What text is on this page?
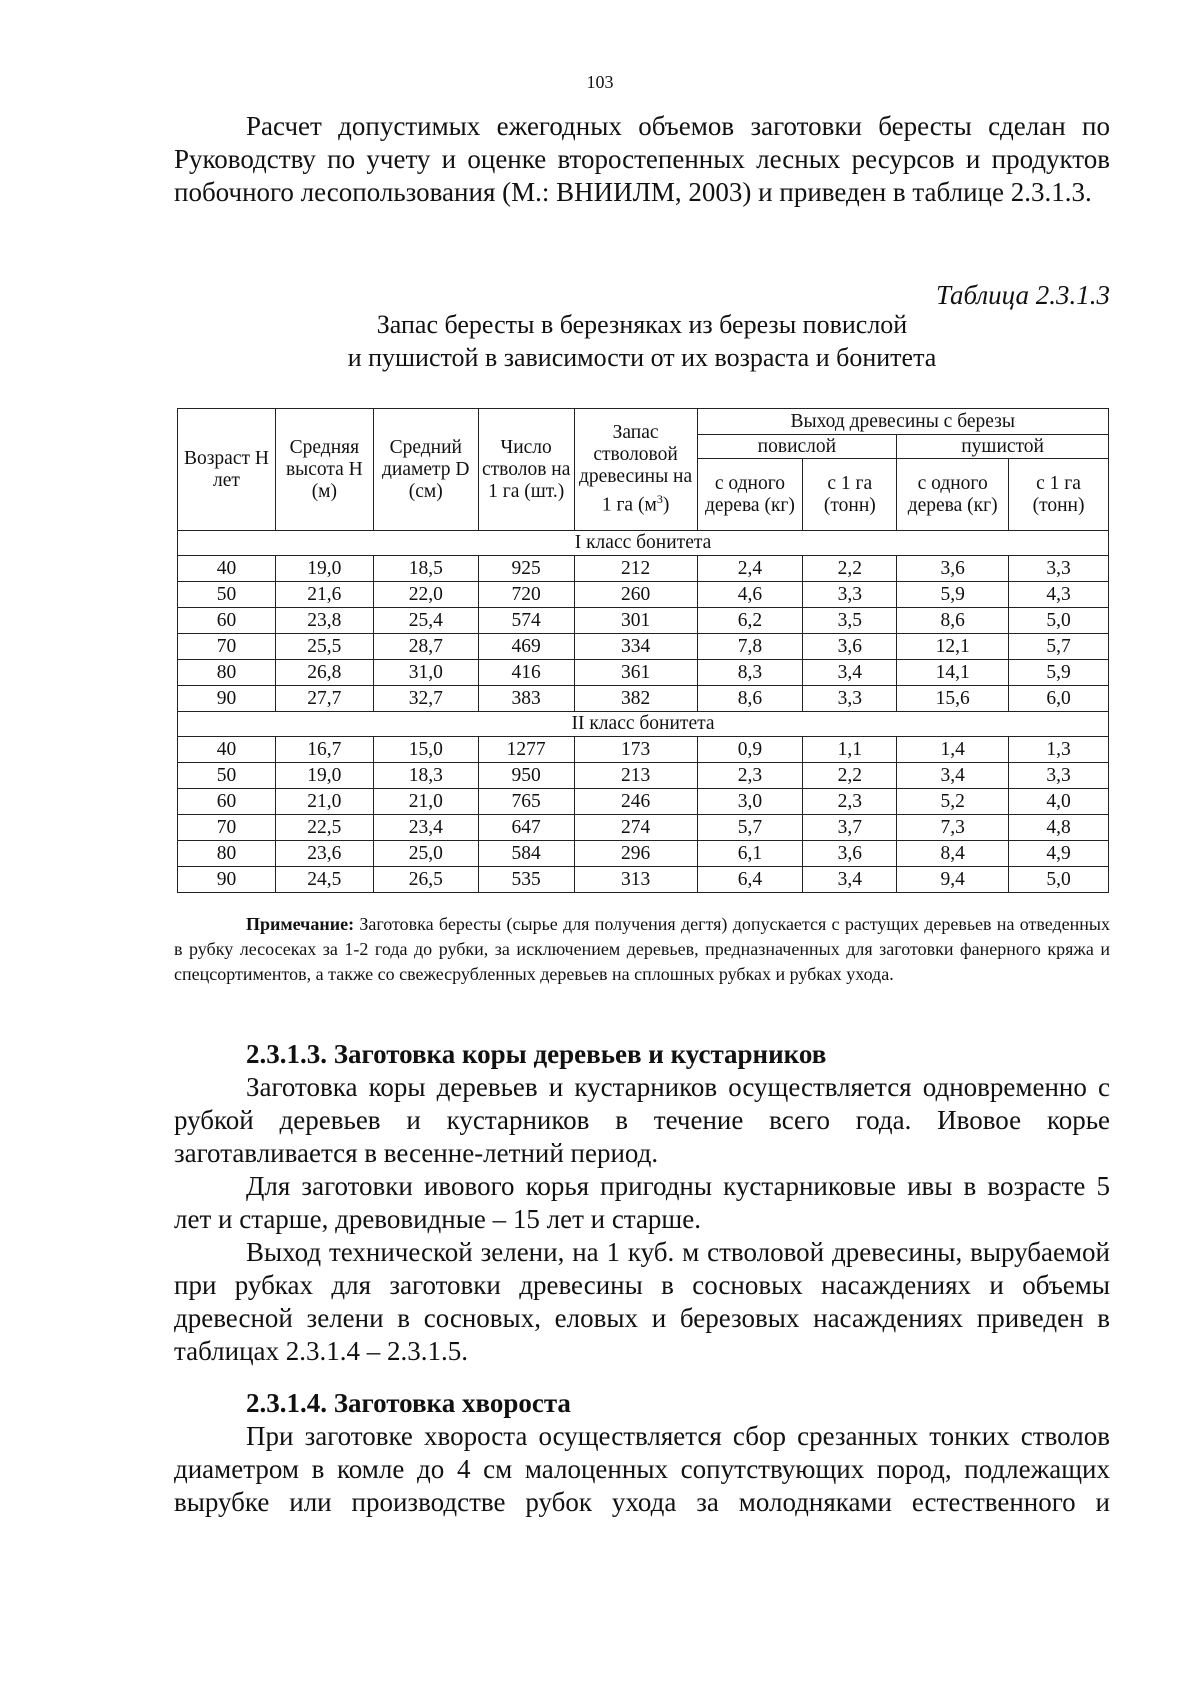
103
Расчет допустимых ежегодных объемов заготовки бересты сделан по Руководству по учету и оценке второстепенных лесных ресурсов и продуктов побочного лесопользования (М.: ВНИИЛМ, 2003) и приведен в таблице 2.3.1.3.
Таблица 2.3.1.3
Запас бересты в березняках из березы повислой
и пушистой в зависимости от их возраста и бонитета
Возраст Н лет	Средняя высота Н (м)	Средний диаметр D (см)	Число стволов на 1 га (шт.)	Запас стволовой древесины на 1 га $(м^3)$	Выход древесины с березы			
					повислой		пушистой	
					с одного дерева (кг)	с 1 га (тонн)	с одного дерева (кг)	с 1 га (тонн)
I класс бонитета								
40	19,0	18,5	925	212	2,4	2,2	3,6	3,3
50	21,6	22,0	720	260	4,6	3,3	5,9	4,3
60	23,8	25,4	574	301	6,2	3,5	8,6	5,0
70	25,5	28,7	469	334	7,8	3,6	12,1	5,7
80	26,8	31,0	416	361	8,3	3,4	14,1	5,9
90	27,7	32,7	383	382	8,6	3,3	15,6	6,0
II класс бонитета								
40	16,7	15,0	1277	173	0,9	1,1	1,4	1,3
50	19,0	18,3	950	213	2,3	2,2	3,4	3,3
60	21,0	21,0	765	246	3,0	2,3	5,2	4,0
70	22,5	23,4	647	274	5,7	3,7	7,3	4,8
80	23,6	25,0	584	296	6,1	3,6	8,4	4,9
90	24,5	26,5	535	313	6,4	3,4	9,4	5,0
Примечание: Заготовка бересты (сырье для получения дегтя) допускается с растущих деревьев на отведенных в рубку лесосеках за 1-2 года до рубки, за исключением деревьев, предназначенных для заготовки фанерного кряжа и спецсортиментов, а также со свежесрубленных деревьев на сплошных рубках и рубках ухода.
2.3.1.3. Заготовка коры деревьев и кустарников
Заготовка коры деревьев и кустарников осуществляется одновременно с рубкой деревьев и кустарников в течение всего года. Ивовое корье заготавливается в весенне-летний период.
Для заготовки ивового корья пригодны кустарниковые ивы в возрасте 5 лет и старше, древовидные – 15 лет и старше.
Выход технической зелени, на 1 куб. м стволовой древесины, вырубаемой при рубках для заготовки древесины в сосновых насаждениях и объемы древесной зелени в сосновых, еловых и березовых насаждениях приведен в таблицах 2.3.1.4 – 2.3.1.5.
2.3.1.4. Заготовка хвороста
При заготовке хвороста осуществляется сбор срезанных тонких стволов диаметром в комле до 4 см малоценных сопутствующих пород, подлежащих вырубке или производстве рубок ухода за молодняками естественного и
